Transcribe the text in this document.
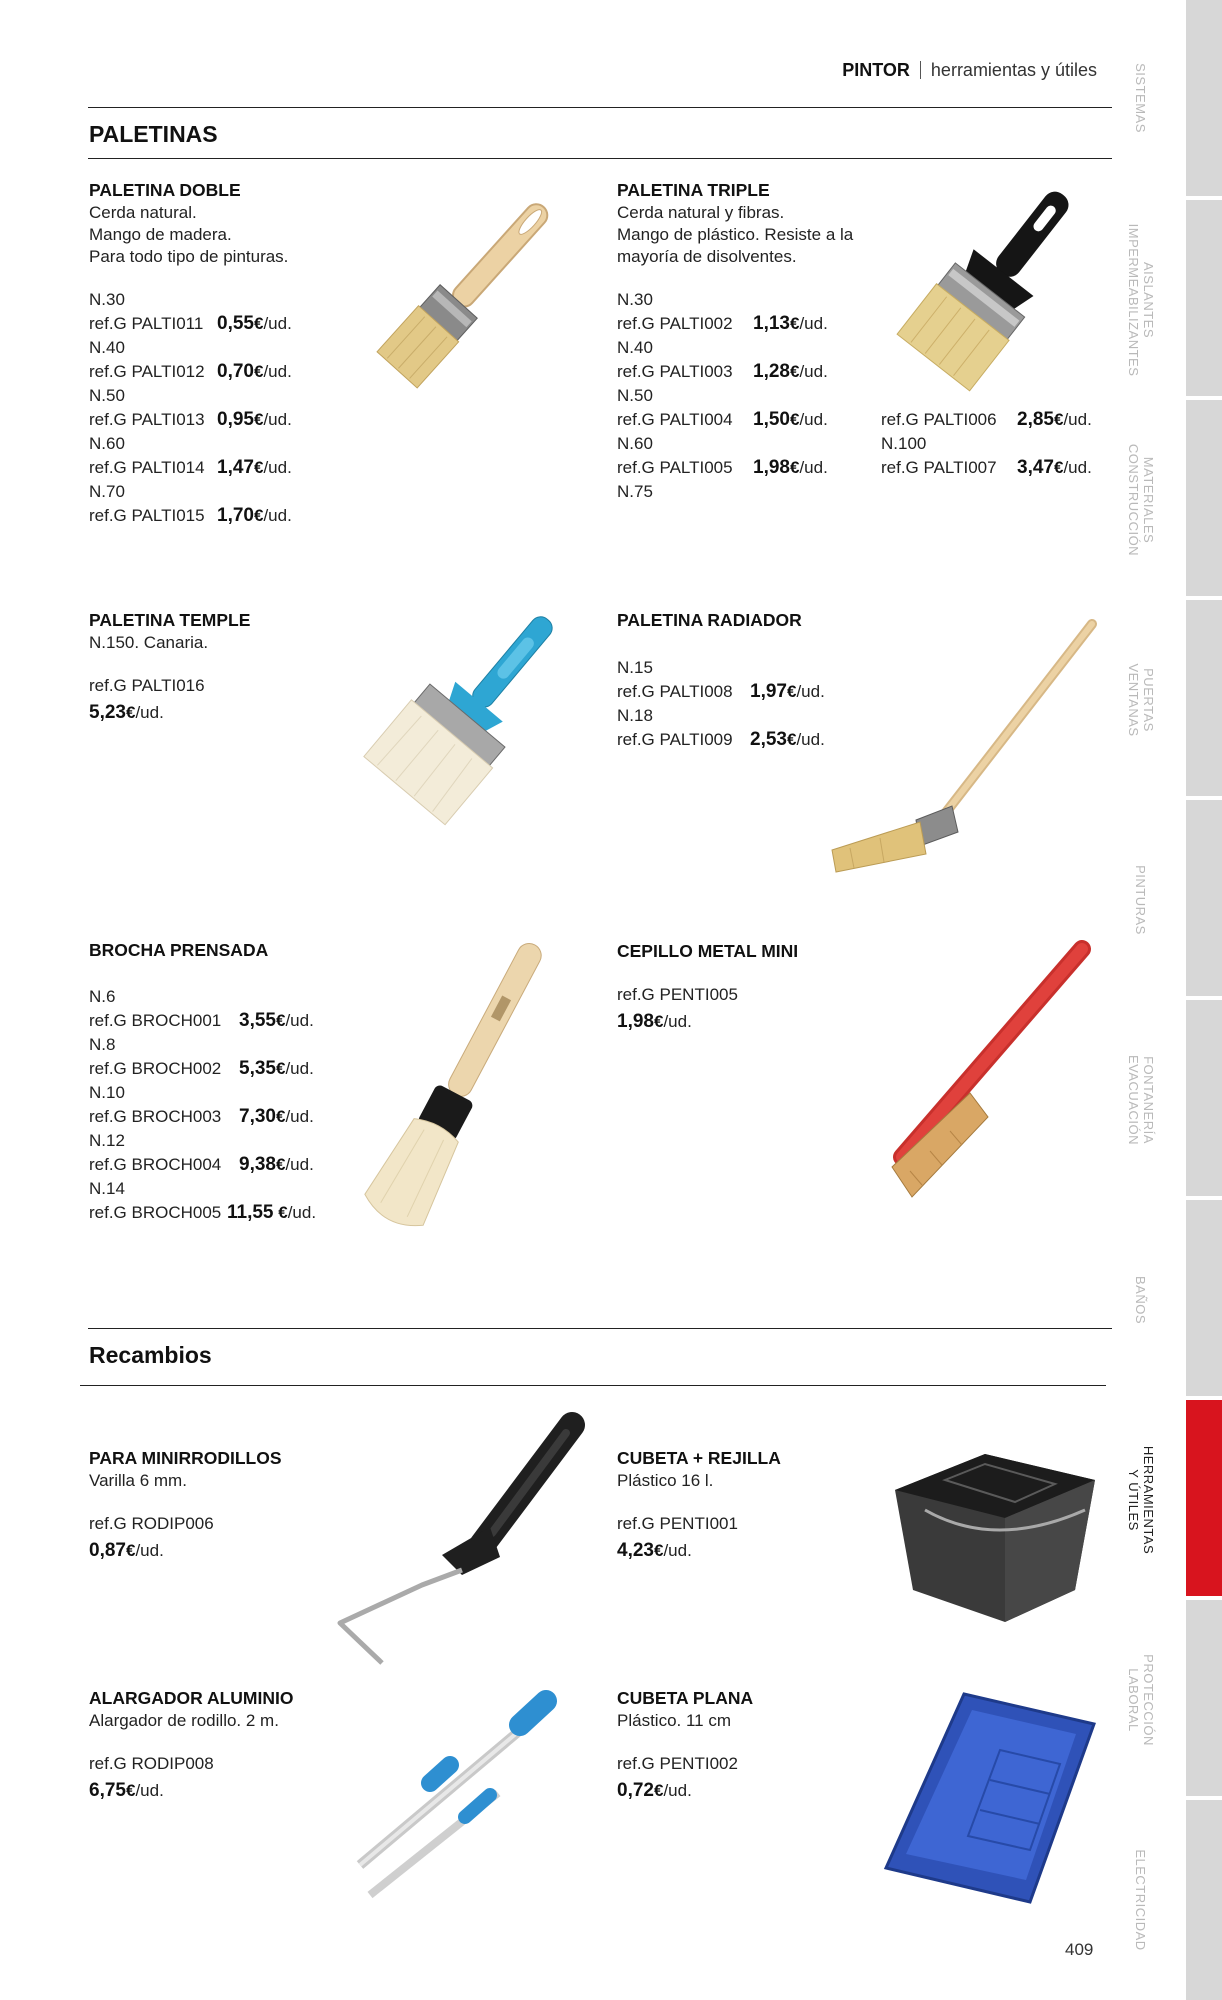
PINTOR herramientas y útiles
PALETINAS
PALETINA DOBLE
Cerda natural.
Mango de madera.
Para todo tipo de pinturas.
N.30
ref.G PALTI011 0,55€/ud.
N.40
ref.G PALTI012 0,70€/ud.
N.50
ref.G PALTI013 0,95€/ud.
N.60
ref.G PALTI014 1,47€/ud.
N.70
ref.G PALTI015 1,70€/ud.
PALETINA TRIPLE
Cerda natural y fibras.
Mango de plástico. Resiste a la
mayoría de disolventes.
N.30
ref.G PALTI002 1,13€/ud.
N.40
ref.G PALTI003 1,28€/ud.
N.50
ref.G PALTI004 1,50€/ud.
N.60
ref.G PALTI005 1,98€/ud.
N.75
ref.G PALTI006 2,85€/ud.
N.100
ref.G PALTI007 3,47€/ud.
PALETINA TEMPLE
N.150. Canaria.
ref.G PALTI016
5,23€/ud.
PALETINA RADIADOR
N.15
ref.G PALTI008 1,97€/ud.
N.18
ref.G PALTI009 2,53€/ud.
BROCHA PRENSADA
N.6
ref.G BROCH001 3,55€/ud.
N.8
ref.G BROCH002 5,35€/ud.
N.10
ref.G BROCH003 7,30€/ud.
N.12
ref.G BROCH004 9,38€/ud.
N.14
ref.G BROCH005 11,55 €/ud.
CEPILLO METAL MINI
ref.G PENTI005
1,98€/ud.
Recambios
PARA MINIRRODILLOS
Varilla 6 mm.
ref.G RODIP006
0,87€/ud.
CUBETA + REJILLA
Plástico 16 l.
ref.G PENTI001
4,23€/ud.
ALARGADOR ALUMINIO
Alargador de rodillo. 2 m.
ref.G RODIP008
6,75€/ud.
CUBETA PLANA
Plástico. 11 cm
ref.G PENTI002
0,72€/ud.
409
SISTEMAS
AISLANTES
IMPERMEABILIZANTES
MATERIALES
CONSTRUCCIÓN
PUERTAS
VENTANAS
PINTURAS
FONTANERÍA
EVACUACIÓN
BAÑOS
HERRAMIENTAS
Y ÚTILES
PROTECCIÓN
LABORAL
ELECTRICIDAD
